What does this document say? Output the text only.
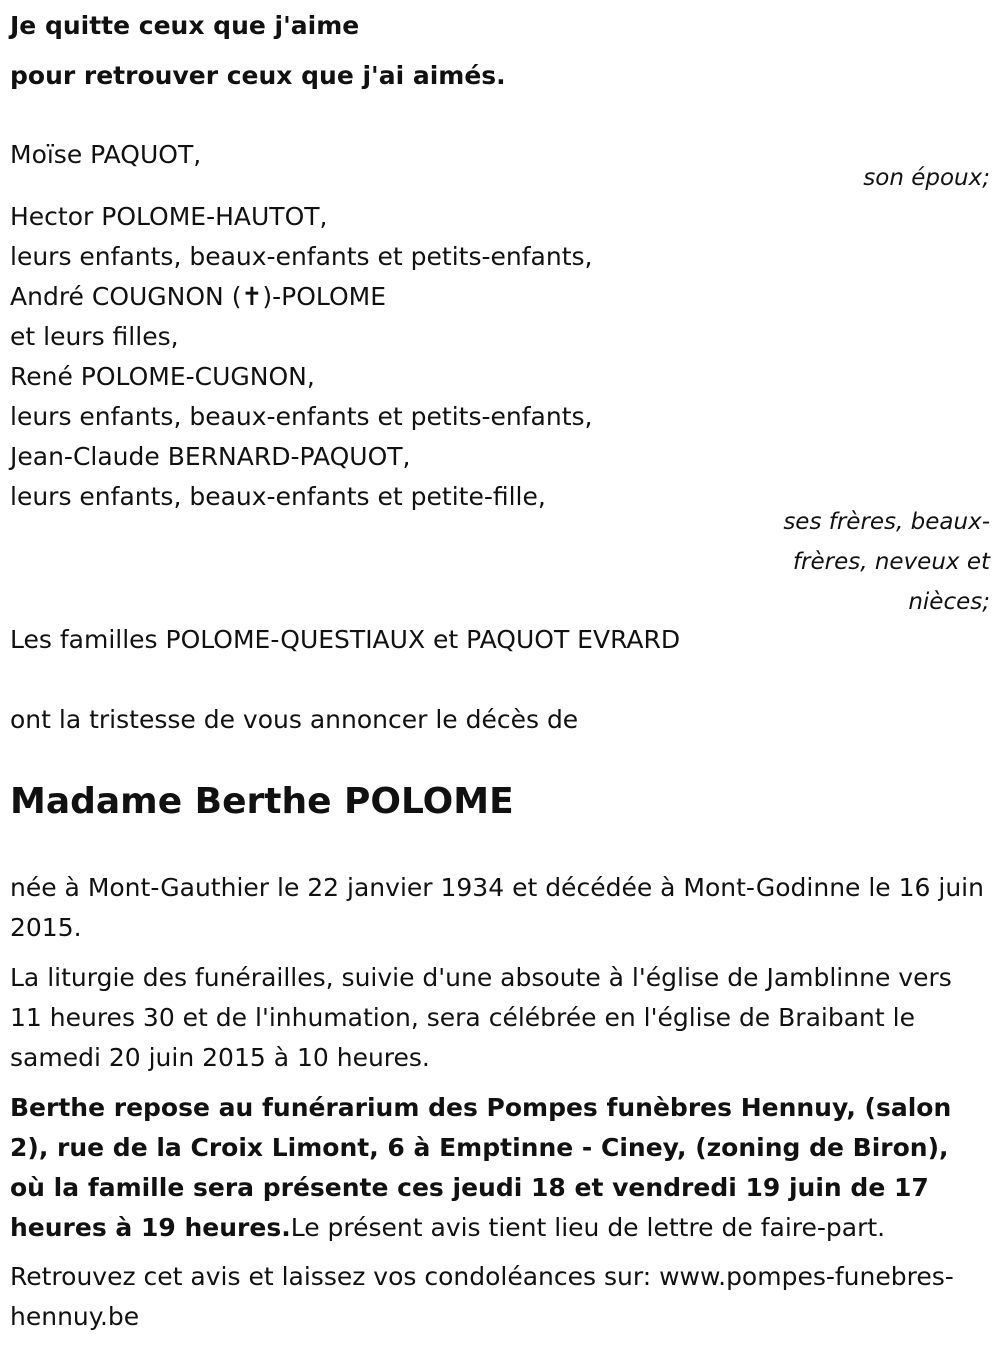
Je quitte ceux que j'aime
pour retrouver ceux que j'ai aimés.
Moïse PAQUOT,
son époux;
Hector POLOME-HAUTOT,
leurs enfants, beaux-enfants et petits-enfants,
André COUGNON (✝)-POLOME
et leurs filles,
René POLOME-CUGNON,
leurs enfants, beaux-enfants et petits-enfants,
Jean-Claude BERNARD-PAQUOT,
leurs enfants, beaux-enfants et petite-fille,
ses frères, beaux-
frères, neveux et
nièces;
Les familles POLOME-QUESTIAUX et PAQUOT EVRARD
ont la tristesse de vous annoncer le décès de
Madame Berthe POLOME
née à Mont-Gauthier le 22 janvier 1934 et décédée à Mont-Godinne le 16 juin 2015.
La liturgie des funérailles, suivie d'une absoute à l'église de Jamblinne vers 11 heures 30 et de l'inhumation, sera célébrée en l'église de Braibant le samedi 20 juin 2015 à 10 heures.
Berthe repose au funérarium des Pompes funèbres Hennuy, (salon 2), rue de la Croix Limont, 6 à Emptinne - Ciney, (zoning de Biron), où la famille sera présente ces jeudi 18 et vendredi 19 juin de 17 heures à 19 heures.Le présent avis tient lieu de lettre de faire-part.
Retrouvez cet avis et laissez vos condoléances sur: www.pompes-funebres-hennuy.be
